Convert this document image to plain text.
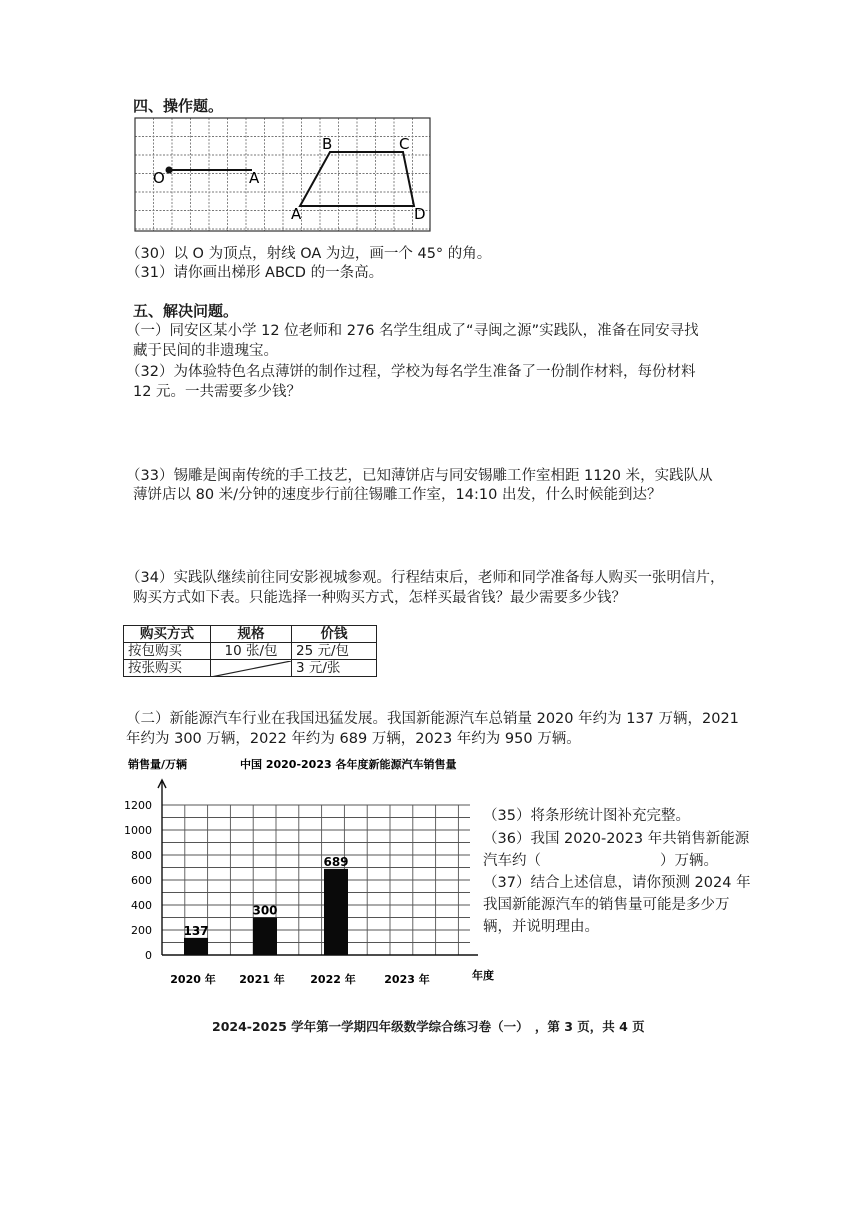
四、操作题。
O	A
A
B	C
D
（30）以 O 为顶点，射线 OA 为边，画一个 45° 的角。
（31）请你画出梯形 ABCD 的一条高。
五、解决问题。
（一）同安区某小学 12 位老师和 276 名学生组成了“寻闽之源”实践队，准备在同安寻找
藏于民间的非遗瑰宝。
（32）为体验特色名点薄饼的制作过程，学校为每名学生准备了一份制作材料，每份材料
12 元。一共需要多少钱？
（33）锡雕是闽南传统的手工技艺，已知薄饼店与同安锡雕工作室相距 1120 米，实践队从
薄饼店以 80 米/分钟的速度步行前往锡雕工作室，14:10 出发，什么时候能到达？
（34）实践队继续前往同安影视城参观。行程结束后，老师和同学准备每人购买一张明信片，
购买方式如下表。只能选择一种购买方式，怎样买最省钱？最少需要多少钱？
购买方式	规格	价钱
按包购买	10 张/包	25 元/包
按张购买		3 元/张
（二）新能源汽车行业在我国迅猛发展。我国新能源汽车总销量 2020 年约为 137 万辆，2021
年约为 300 万辆，2022 年约为 689 万辆，2023 年约为 950 万辆。
销售量/万辆	中国 2020-2023 各年度新能源汽车销售量
137
300
689
0
200
400
600
800
1000
1200
2020 年 2021 年 2022 年	2023 年	年度
（35）将条形统计图补充完整。
（36）我国 2020-2023 年共销售新能源
汽车约（	）万辆。
（37）结合上述信息，请你预测 2024 年
我国新能源汽车的销售量可能是多少万
辆，并说明理由。
2024-2025 学年第一学期四年级数学综合练习卷（一）　，第 3 页，共 4 页
